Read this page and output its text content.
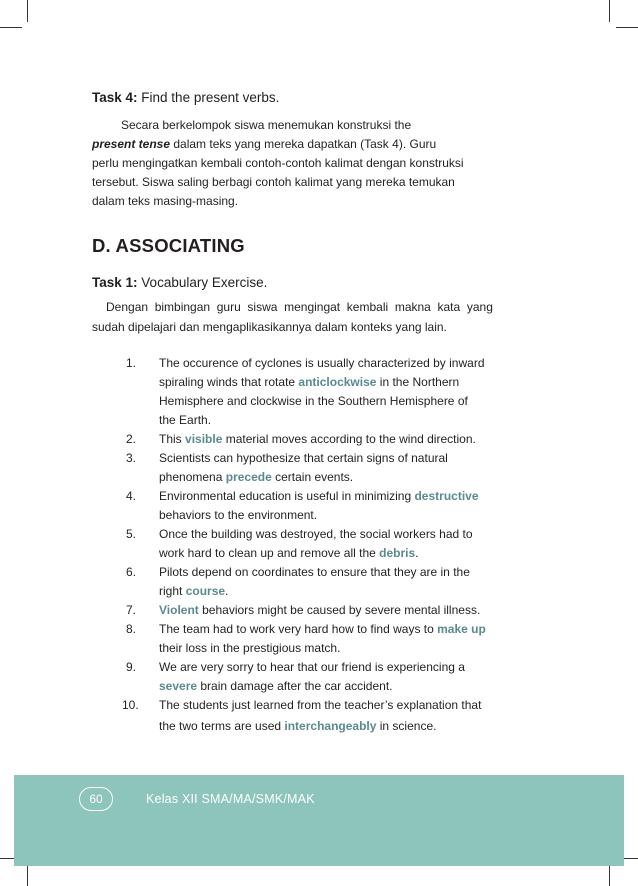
Task 4: Find the present verbs.
Secara berkelompok siswa menemukan konstruksi the
present tense dalam teks yang mereka dapatkan (Task 4). Guru
perlu mengingatkan kembali contoh-contoh kalimat dengan konstruksi
tersebut. Siswa saling berbagi contoh kalimat yang mereka temukan
dalam teks masing-masing.
D. ASSOCIATING
Task 1: Vocabulary Exercise.
Dengan  bimbingan  guru  siswa  mengingat  kembali  makna  kata  yang
sudah dipelajari dan mengaplikasikannya dalam konteks yang lain.
1. The occurence of cyclones is usually characterized by inward
spiraling winds that rotate anticlockwise in the Northern
Hemisphere and clockwise in the Southern Hemisphere of
the Earth.
2. This visible material moves according to the wind direction.
3. Scientists can hypothesize that certain signs of natural
phenomena precede certain events.
4. Environmental education is useful in minimizing destructive
behaviors to the environment.
5. Once the building was destroyed, the social workers had to
work hard to clean up and remove all the debris.
6. Pilots depend on coordinates to ensure that they are in the
right course.
7. Violent behaviors might be caused by severe mental illness.
8. The team had to work very hard how to find ways to make up
their loss in the prestigious match.
9. We are very sorry to hear that our friend is experiencing a
severe brain damage after the car accident.
10. The students just learned from the teacher’s explanation that
the two terms are used interchangeably in science.
60	Kelas XII SMA/MA/SMK/MAK
